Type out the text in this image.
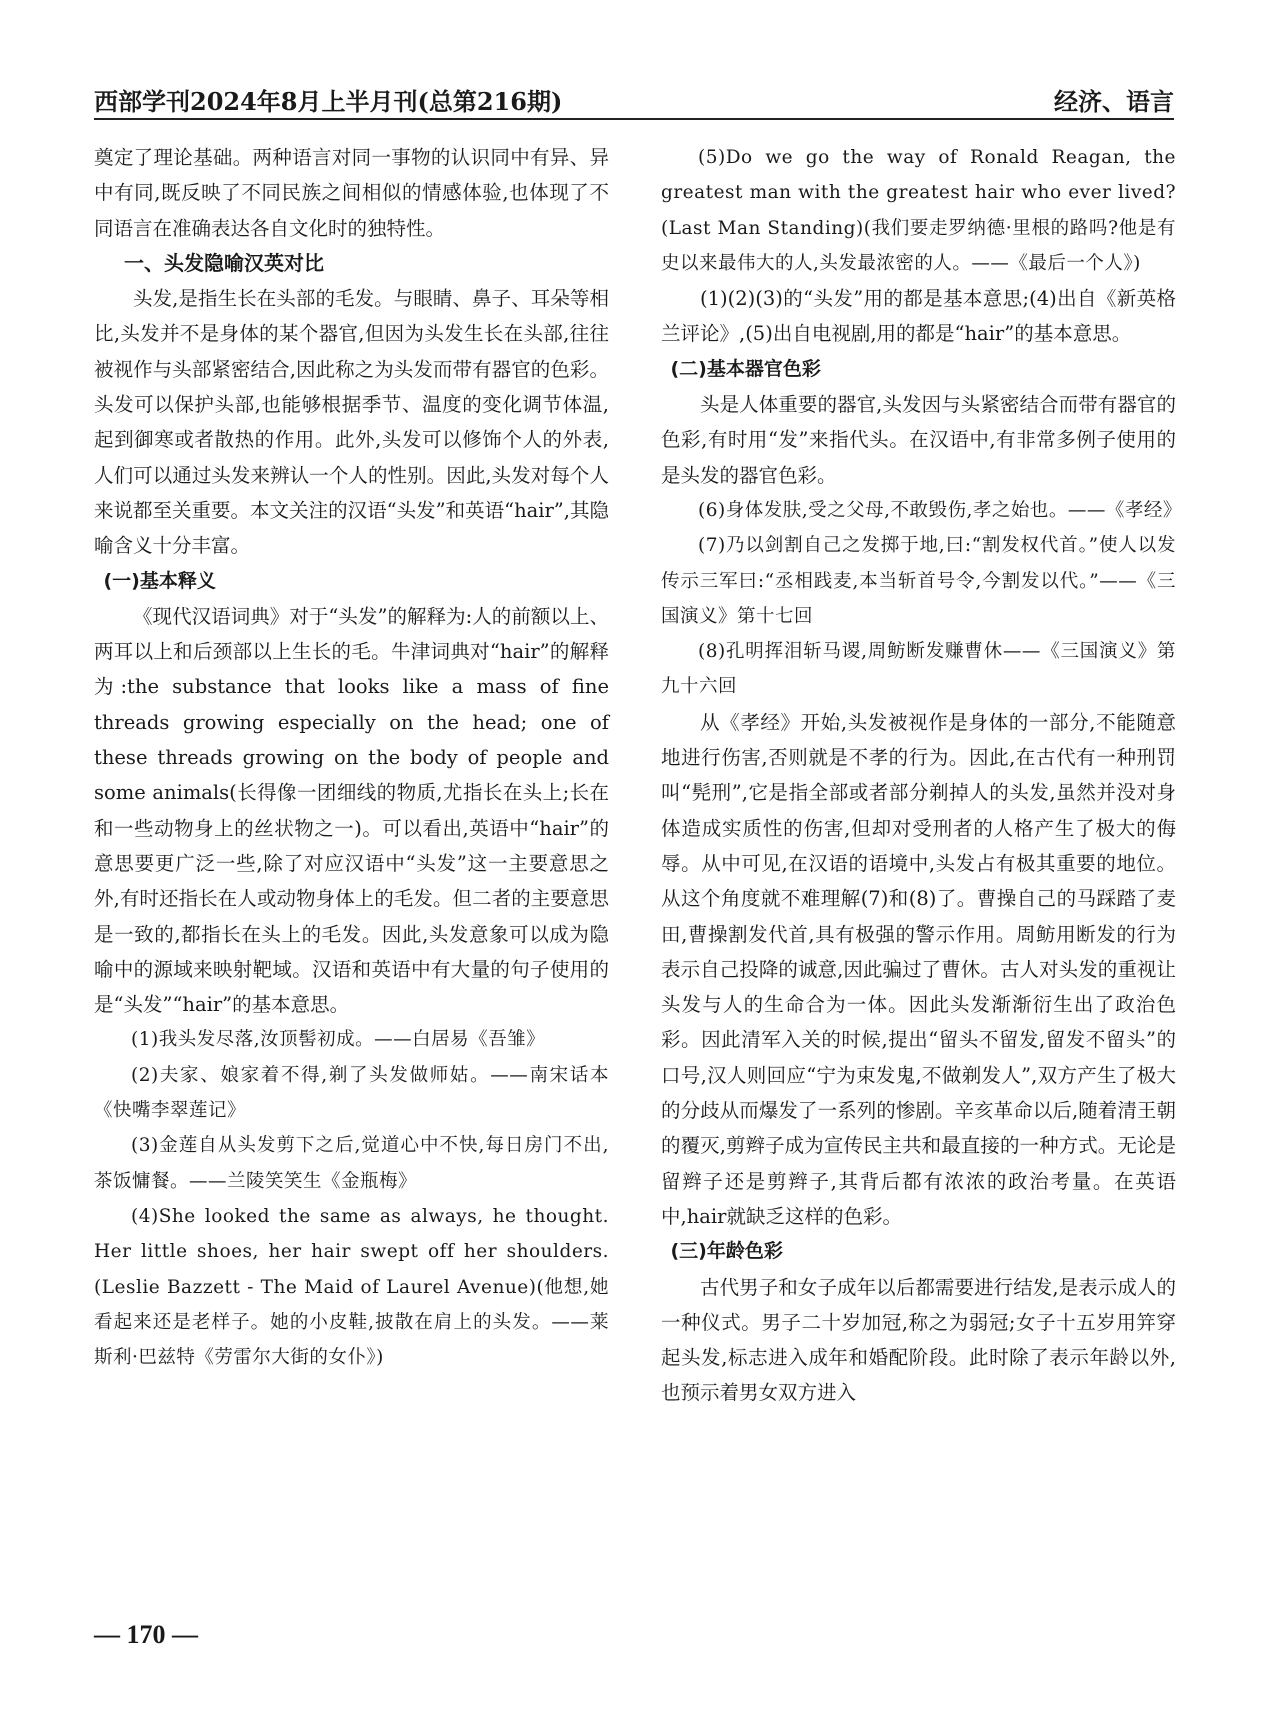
西部学刊2024年8月上半月刊(总第216期)	经济、语言

奠定了理论基础。两种语言对同一事物的认识同中有异、异中有同,既反映了不同民族之间相似的情感体验,也体现了不同语言在准确表达各自文化时的独特性。

一、头发隐喻汉英对比

头发,是指生长在头部的毛发。与眼睛、鼻子、耳朵等相比,头发并不是身体的某个器官,但因为头发生长在头部,往往被视作与头部紧密结合,因此称之为头发而带有器官的色彩。头发可以保护头部,也能够根据季节、温度的变化调节体温,起到御寒或者散热的作用。此外,头发可以修饰个人的外表,人们可以通过头发来辨认一个人的性别。因此,头发对每个人来说都至关重要。本文关注的汉语“头发”和英语“hair”,其隐喻含义十分丰富。

(一)基本释义

《现代汉语词典》对于“头发”的解释为:人的前额以上、两耳以上和后颈部以上生长的毛。牛津词典对“hair”的解释为:the substance that looks like a mass of fine threads growing especially on the head; one of these threads growing on the body of people and some animals(长得像一团细线的物质,尤指长在头上;长在和一些动物身上的丝状物之一)。可以看出,英语中“hair”的意思要更广泛一些,除了对应汉语中“头发”这一主要意思之外,有时还指长在人或动物身体上的毛发。但二者的主要意思是一致的,都指长在头上的毛发。因此,头发意象可以成为隐喻中的源域来映射靶域。汉语和英语中有大量的句子使用的是“头发”“hair”的基本意思。

(1)我头发尽落,汝顶髻初成。——白居易《吾雏》

(2)夫家、娘家着不得,剃了头发做师姑。——南宋话本《快嘴李翠莲记》

(3)金莲自从头发剪下之后,觉道心中不快,每日房门不出,茶饭慵餐。——兰陵笑笑生《金瓶梅》

(4)She looked the same as always, he thought. Her little shoes, her hair swept off her shoulders.(Leslie Bazzett - The Maid of Laurel Avenue)(他想,她看起来还是老样子。她的小皮鞋,披散在肩上的头发。——莱斯利·巴兹特《劳雷尔大街的女仆》)

(5)Do we go the way of Ronald Reagan, the greatest man with the greatest hair who ever lived?(Last Man Standing)(我们要走罗纳德·里根的路吗?他是有史以来最伟大的人,头发最浓密的人。——《最后一个人》)

(1)(2)(3)的“头发”用的都是基本意思;(4)出自《新英格兰评论》,(5)出自电视剧,用的都是“hair”的基本意思。

(二)基本器官色彩

头是人体重要的器官,头发因与头紧密结合而带有器官的色彩,有时用“发”来指代头。在汉语中,有非常多例子使用的是头发的器官色彩。

(6)身体发肤,受之父母,不敢毁伤,孝之始也。——《孝经》

(7)乃以剑割自己之发掷于地,曰:“割发权代首。”使人以发传示三军曰:“丞相践麦,本当斩首号令,今割发以代。”——《三国演义》第十七回

(8)孔明挥泪斩马谡,周鲂断发赚曹休——《三国演义》第九十六回

从《孝经》开始,头发被视作是身体的一部分,不能随意地进行伤害,否则就是不孝的行为。因此,在古代有一种刑罚叫“髡刑”,它是指全部或者部分剃掉人的头发,虽然并没对身体造成实质性的伤害,但却对受刑者的人格产生了极大的侮辱。从中可见,在汉语的语境中,头发占有极其重要的地位。从这个角度就不难理解(7)和(8)了。曹操自己的马踩踏了麦田,曹操割发代首,具有极强的警示作用。周鲂用断发的行为表示自己投降的诚意,因此骗过了曹休。古人对头发的重视让头发与人的生命合为一体。因此头发渐渐衍生出了政治色彩。因此清军入关的时候,提出“留头不留发,留发不留头”的口号,汉人则回应“宁为束发鬼,不做剃发人”,双方产生了极大的分歧从而爆发了一系列的惨剧。辛亥革命以后,随着清王朝的覆灭,剪辫子成为宣传民主共和最直接的一种方式。无论是留辫子还是剪辫子,其背后都有浓浓的政治考量。在英语中,hair就缺乏这样的色彩。

(三)年龄色彩

古代男子和女子成年以后都需要进行结发,是表示成人的一种仪式。男子二十岁加冠,称之为弱冠;女子十五岁用笄穿起头发,标志进入成年和婚配阶段。此时除了表示年龄以外,也预示着男女双方进入

— 170 —
